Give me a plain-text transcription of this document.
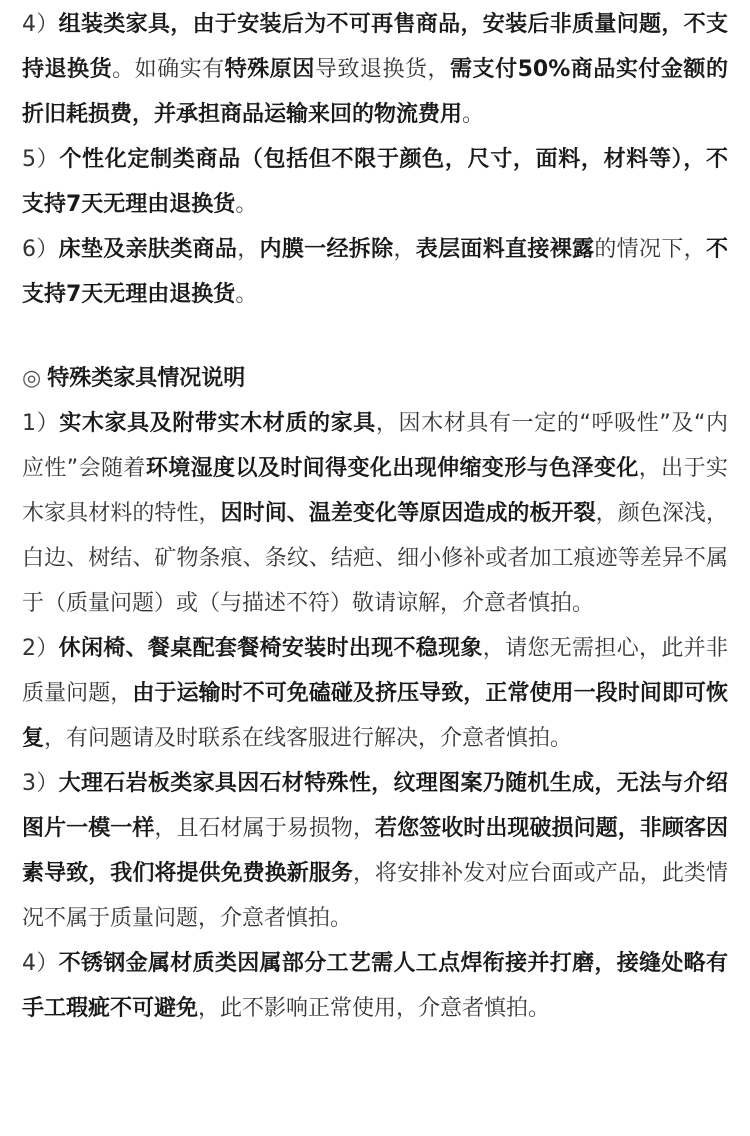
4）组装类家具，由于安装后为不可再售商品，安装后非质量问题，不支持退换货。如确实有特殊原因导致退换货，需支付50%商品实付金额的折旧耗损费，并承担商品运输来回的物流费用。

5）个性化定制类商品（包括但不限于颜色，尺寸，面料，材料等），不支持7天无理由退换货。

6）床垫及亲肤类商品，内膜一经拆除，表层面料直接裸露的情况下，不支持7天无理由退换货。

◎ 特殊类家具情况说明

1）实木家具及附带实木材质的家具，因木材具有一定的“呼吸性”及“内应性”会随着环境湿度以及时间得变化出现伸缩变形与色泽变化，出于实木家具材料的特性，因时间、温差变化等原因造成的板开裂，颜色深浅，白边、树结、矿物条痕、条纹、结疤、细小修补或者加工痕迹等差异不属于（质量问题）或（与描述不符）敬请谅解，介意者慎拍。

2）休闲椅、餐桌配套餐椅安装时出现不稳现象，请您无需担心，此并非质量问题，由于运输时不可免磕碰及挤压导致，正常使用一段时间即可恢复，有问题请及时联系在线客服进行解决，介意者慎拍。

3）大理石岩板类家具因石材特殊性，纹理图案乃随机生成，无法与介绍图片一模一样，且石材属于易损物，若您签收时出现破损问题，非顾客因素导致，我们将提供免费换新服务，将安排补发对应台面或产品，此类情况不属于质量问题，介意者慎拍。

4）不锈钢金属材质类因属部分工艺需人工点焊衔接并打磨，接缝处略有手工瑕疵不可避免，此不影响正常使用，介意者慎拍。
